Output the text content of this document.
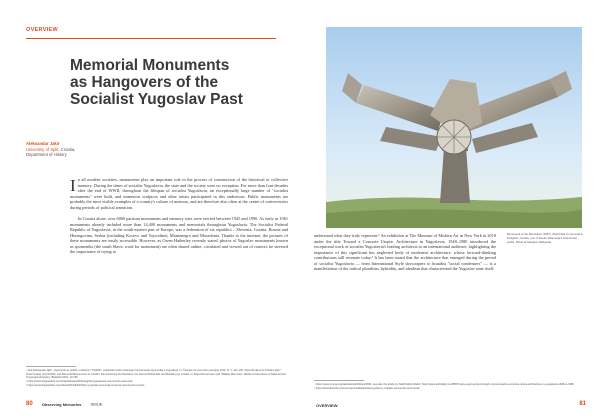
OVERVIEW
Memorial Monuments
as Hangovers of the
Socialist Yugoslav Past
Aleksandar Jakir
University of Split, Croatia,
Department of History

In all modern societies, monuments play an important role in the process of construction of the historical or collective memory. During the times of socialist Yugoslavia, the state and the society were no exception. For more than four decades after the end of WWII, throughout the lifespan of socialist Yugoslavia, an exceptionally large number of "socialist monuments" were built, and numerous sculptors and other artists participated in this endeavour. Public monuments are probably the most visible examples of a country's culture of memory, and are therefore also often at the centre of controversies during periods of political transition.

In Croatia alone, over 6000 partisan monuments and memory sites were erected between 1945 and 1990. As early as 1961 monuments already included more than 14,400 monuments and memorials throughout Yugoslavia. The Socialist Federal Republic of Yugoslavia, in the south-eastern part of Europe, was a federation of six republics – Slovenia, Croatia, Bosnia and Herzegovina, Serbia (including Kosovo and Vojvodina), Montenegro and Macedonia. Thanks to the internet, the pictures of these monuments are easily accessible. However, as Owen Hatherley recently stated, photos of Yugoslav monuments known as spomeniks (the south Slavic word for monument) are often shared online, circulated and viewed out of context; he stressed the importance of trying to

¹ See Aleksandar Jakir, „Spomenik se podiže i ruši(a)ne!" Politički i umjetnički motivi razaranja i konzervacije spomenika u Jugoslaviji. In: Časopis za suvremenu povijest 2019, br. 1, 101-130; https://hrcak.srce.hr/index.php?show=toc&id_broj=16390, and Memorial Monuments as Conflict. Remembering the Partisans, the Second World War and Breaking up Croatia, in Tanja Zimmermann (ed.) Balkan Memories. Media Constructions of National and Transnational History. Bielefeld 2012, 10-156.

² https://www.theguardian.com/artanddesign/2016/aug/02/yugoslavian-monuments-spomenik

³ https://www.theguardian.com/cities/2016/feb/15/why-yugoslav-spomenik-concrete-monuments-remain

80 Observing Memories ISSUE

Monument to the Revolution (1967), World War II memorial in Podgarić, Croatia, one of Dusan Džamonja's best-known works. Photo at Sarajevo Wikipedia

understand what they truly represent.² An exhibition at The Museum of Modern Art in New York in 2018 under the title Toward a Concrete Utopia: Architecture in Yugoslavia, 1948–1980 introduced the exceptional work of socialist Yugoslavia's leading architects to an international audience, highlighting the importance of this significant but neglected body of modernist architecture, whose forward-thinking contributions still resonate today.³ It has been stated that the architecture that emerged during the period of socialist Yugoslavia — from International Style skyscrapers to brutalist "social condensers" — is a manifestation of the radical pluralism, hybridity, and idealism that characterized the Yugoslav state itself.

⁴ https://www.moma.org/calendar/exhibitions/3931; see also the article by Niall Patrick Walsh: https://www.archdaily.com/899711/an-expert-guide-through-moma-toward-a-concrete-utopia-architecture-in-yugoslavia-1948-to-1980

⁵ https://theculturetrip.com/europe/croatia/articles/a-guide-to-croatias-spomenik-monuments/

OVERVIEW	81
